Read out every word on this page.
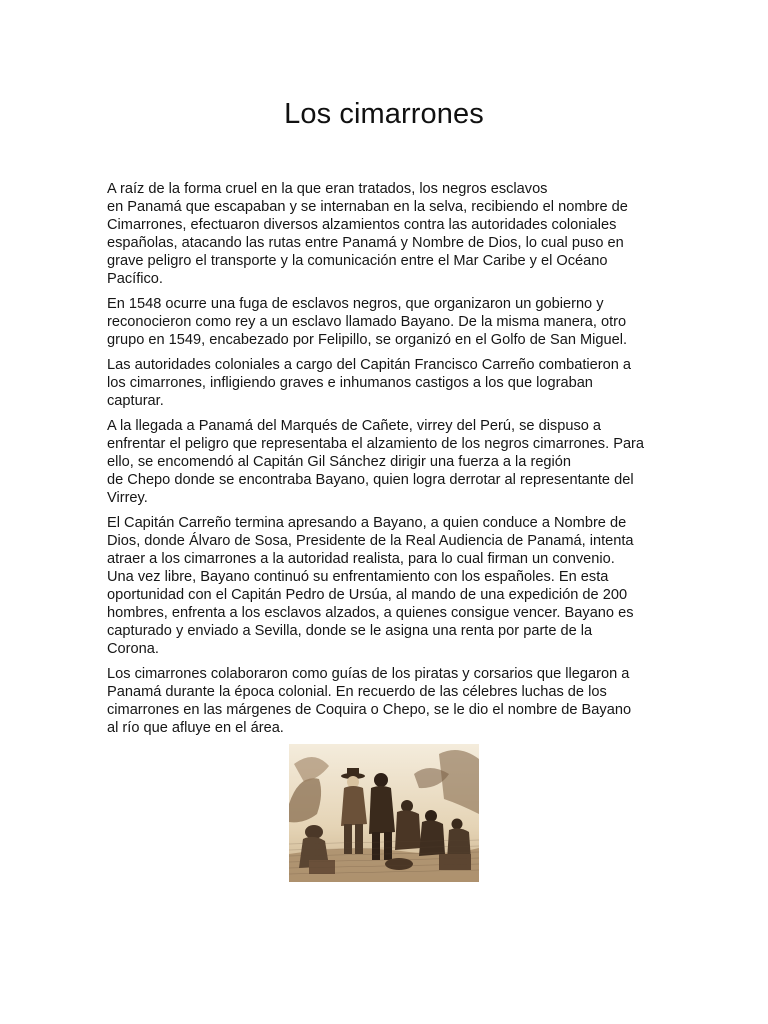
Los cimarrones

A raíz de la forma cruel en la que eran tratados, los negros esclavos
en Panamá que escapaban y se internaban en la selva, recibiendo el nombre de
Cimarrones, efectuaron diversos alzamientos contra las autoridades coloniales
españolas, atacando las rutas entre Panamá y Nombre de Dios, lo cual puso en
grave peligro el transporte y la comunicación entre el Mar Caribe y el Océano
Pacífico.

En 1548 ocurre una fuga de esclavos negros, que organizaron un gobierno y
reconocieron como rey a un esclavo llamado Bayano. De la misma manera, otro
grupo en 1549, encabezado por Felipillo, se organizó en el Golfo de San Miguel.

Las autoridades coloniales a cargo del Capitán Francisco Carreño combatieron a
los cimarrones, infligiendo graves e inhumanos castigos a los que lograban
capturar.

A la llegada a Panamá del Marqués de Cañete, virrey del Perú, se dispuso a
enfrentar el peligro que representaba el alzamiento de los negros cimarrones. Para
ello, se encomendó al Capitán Gil Sánchez dirigir una fuerza a la región
de Chepo donde se encontraba Bayano, quien logra derrotar al representante del
Virrey.

El Capitán Carreño termina apresando a Bayano, a quien conduce a Nombre de
Dios, donde Álvaro de Sosa, Presidente de la Real Audiencia de Panamá, intenta
atraer a los cimarrones a la autoridad realista, para lo cual firman un convenio.
Una vez libre, Bayano continuó su enfrentamiento con los españoles. En esta
oportunidad con el Capitán Pedro de Ursúa, al mando de una expedición de 200
hombres, enfrenta a los esclavos alzados, a quienes consigue vencer. Bayano es
capturado y enviado a Sevilla, donde se le asigna una renta por parte de la
Corona.

Los cimarrones colaboraron como guías de los piratas y corsarios que llegaron a
Panamá durante la época colonial. En recuerdo de las célebres luchas de los
cimarrones en las márgenes de Coquira o Chepo, se le dio el nombre de Bayano
al río que afluye en el área.
